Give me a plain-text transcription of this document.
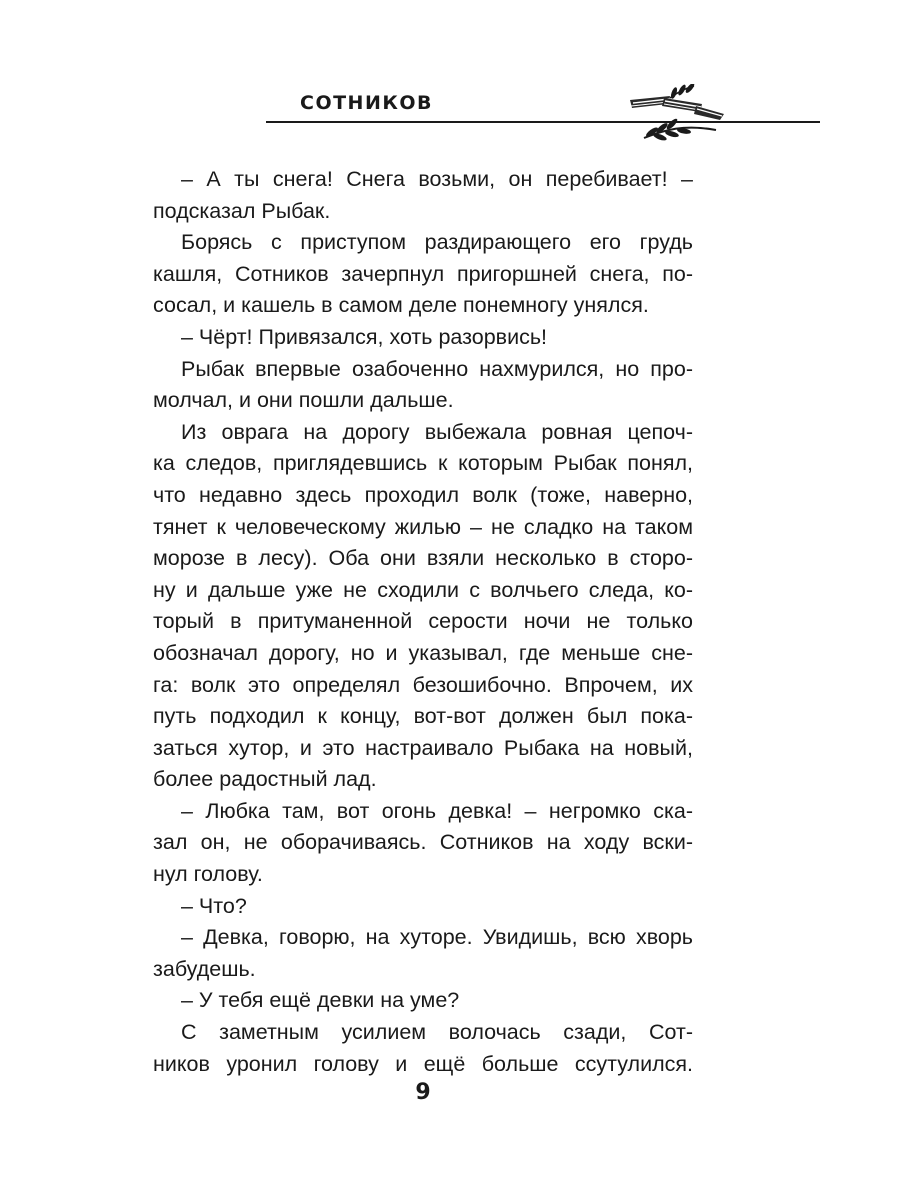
СОТНИКОВ
– А ты снега! Снега возьми, он перебивает! –
подсказал Рыбак.
Борясь с приступом раздирающего его грудь
кашля, Сотников зачерпнул пригоршней снега, по-
сосал, и кашель в самом деле понемногу унялся.
– Чёрт! Привязался, хоть разорвись!
Рыбак впервые озабоченно нахмурился, но про-
молчал, и они пошли дальше.
Из оврага на дорогу выбежала ровная цепоч-
ка следов, приглядевшись к которым Рыбак понял,
что недавно здесь проходил волк (тоже, наверно,
тянет к человеческому жилью – не сладко на таком
морозе в лесу). Оба они взяли несколько в сторо-
ну и дальше уже не сходили с волчьего следа, ко-
торый в притуманенной серости ночи не только
обозначал дорогу, но и указывал, где меньше сне-
га: волк это определял безошибочно. Впрочем, их
путь подходил к концу, вот-вот должен был пока-
заться хутор, и это настраивало Рыбака на новый,
более радостный лад.
– Любка там, вот огонь девка! – негромко ска-
зал он, не оборачиваясь. Сотников на ходу вски-
нул голову.
– Что?
– Девка, говорю, на хуторе. Увидишь, всю хворь
забудешь.
– У тебя ещё девки на уме?
С заметным усилием волочась сзади, Сот-
ников уронил голову и ещё больше ссутулился.
9
